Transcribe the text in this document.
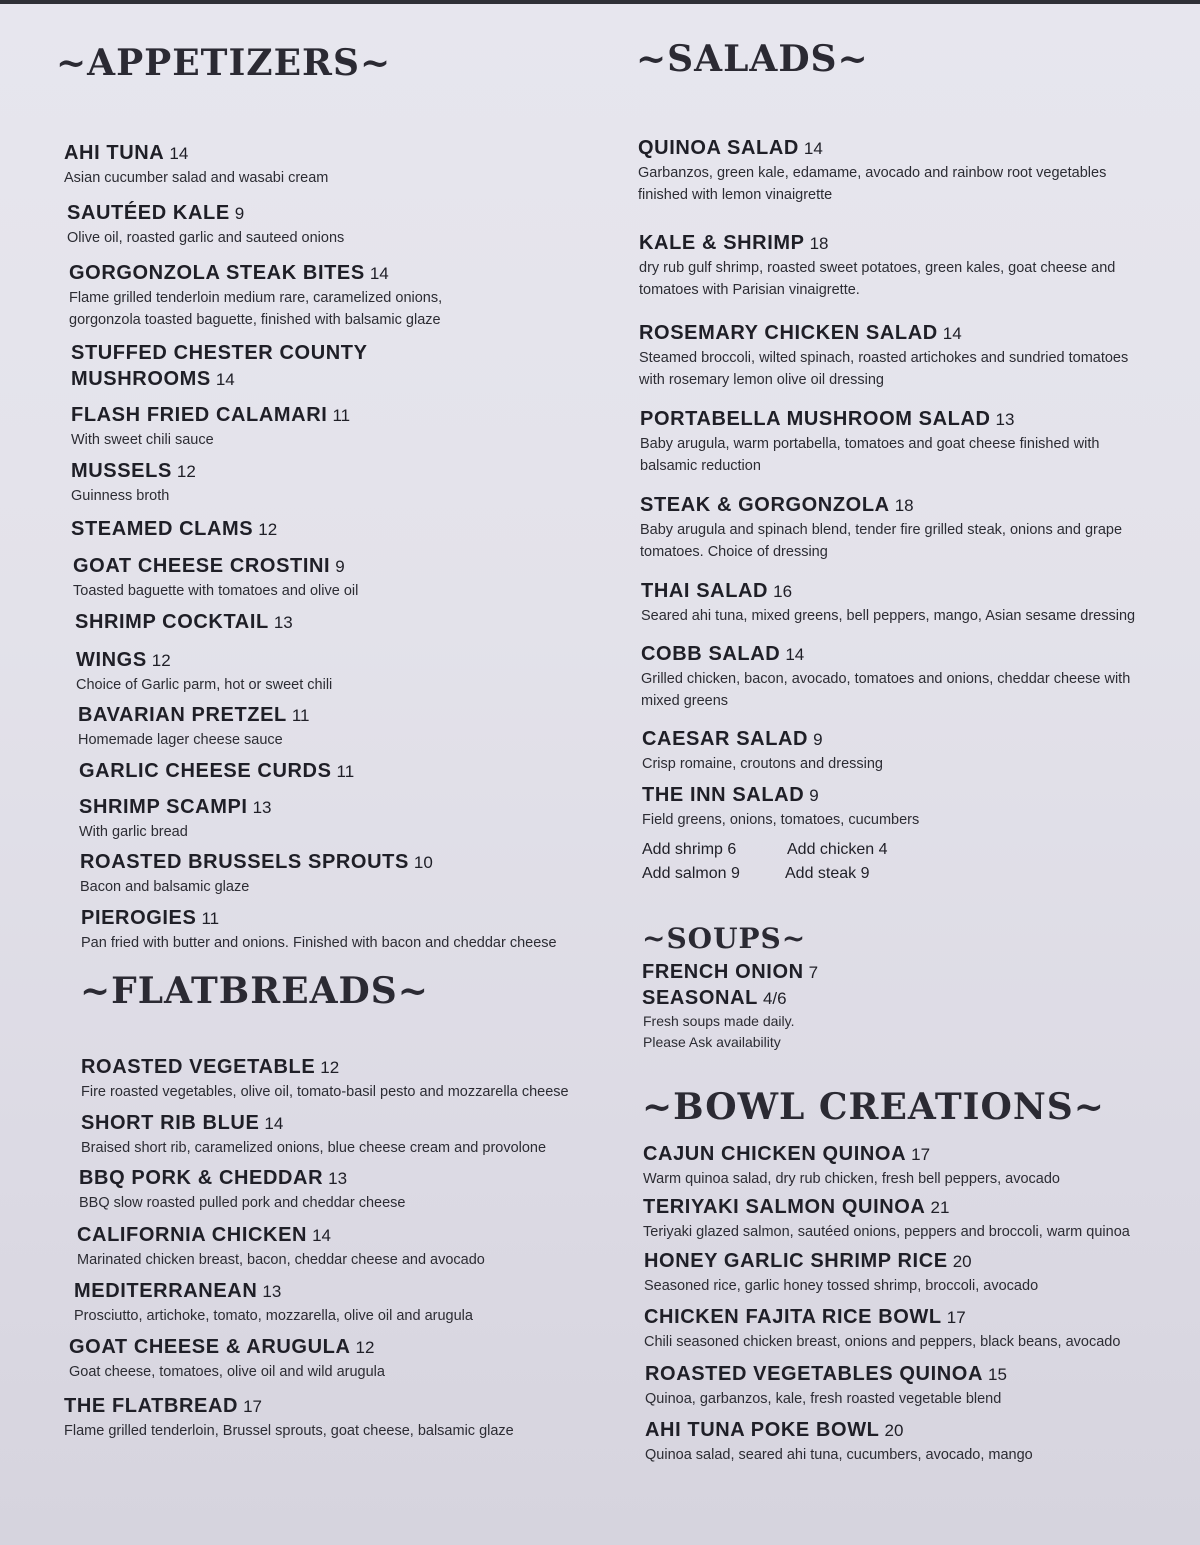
~APPETIZERS~
AHI TUNA 14
Asian cucumber salad and wasabi cream
SAUTÉED KALE 9
Olive oil, roasted garlic and sauteed onions
GORGONZOLA STEAK BITES 14
Flame grilled tenderloin medium rare, caramelized onions,
gorgonzola toasted baguette, finished with balsamic glaze
STUFFED CHESTER COUNTY
MUSHROOMS 14
FLASH FRIED CALAMARI 11
With sweet chili sauce
MUSSELS 12
Guinness broth
STEAMED CLAMS 12
GOAT CHEESE CROSTINI 9
Toasted baguette with tomatoes and olive oil
SHRIMP COCKTAIL 13
WINGS 12
Choice of Garlic parm, hot or sweet chili
BAVARIAN PRETZEL 11
Homemade lager cheese sauce
GARLIC CHEESE CURDS 11
SHRIMP SCAMPI 13
With garlic bread
ROASTED BRUSSELS SPROUTS 10
Bacon and balsamic glaze
PIEROGIES 11
Pan fried with butter and onions. Finished with bacon and cheddar cheese
~FLATBREADS~
ROASTED VEGETABLE 12
Fire roasted vegetables, olive oil, tomato-basil pesto and mozzarella cheese
SHORT RIB BLUE 14
Braised short rib, caramelized onions, blue cheese cream and provolone
BBQ PORK & CHEDDAR 13
BBQ slow roasted pulled pork and cheddar cheese
CALIFORNIA CHICKEN 14
Marinated chicken breast, bacon, cheddar cheese and avocado
MEDITERRANEAN 13
Prosciutto, artichoke, tomato, mozzarella, olive oil and arugula
GOAT CHEESE & ARUGULA 12
Goat cheese, tomatoes, olive oil and wild arugula
THE FLATBREAD 17
Flame grilled tenderloin, Brussel sprouts, goat cheese, balsamic glaze
~SALADS~
QUINOA SALAD 14
Garbanzos, green kale, edamame, avocado and rainbow root vegetables
finished with lemon vinaigrette
KALE & SHRIMP 18
dry rub gulf shrimp, roasted sweet potatoes, green kales, goat cheese and
tomatoes with Parisian vinaigrette.
ROSEMARY CHICKEN SALAD 14
Steamed broccoli, wilted spinach, roasted artichokes and sundried tomatoes
with rosemary lemon olive oil dressing
PORTABELLA MUSHROOM SALAD 13
Baby arugula, warm portabella, tomatoes and goat cheese finished with
balsamic reduction
STEAK & GORGONZOLA 18
Baby arugula and spinach blend, tender fire grilled steak, onions and grape
tomatoes. Choice of dressing
THAI SALAD 16
Seared ahi tuna, mixed greens, bell peppers, mango, Asian sesame dressing
COBB SALAD 14
Grilled chicken, bacon, avocado, tomatoes and onions, cheddar cheese with
mixed greens
CAESAR SALAD 9
Crisp romaine, croutons and dressing
THE INN SALAD 9
Field greens, onions, tomatoes, cucumbers
Add shrimp 6	Add chicken 4
Add salmon 9	Add steak 9
~SOUPS~
FRENCH ONION 7
SEASONAL 4/6
Fresh soups made daily.
Please Ask availability
~BOWL CREATIONS~
CAJUN CHICKEN QUINOA 17
Warm quinoa salad, dry rub chicken, fresh bell peppers, avocado
TERIYAKI SALMON QUINOA 21
Teriyaki glazed salmon, sautéed onions, peppers and broccoli, warm quinoa
HONEY GARLIC SHRIMP RICE 20
Seasoned rice, garlic honey tossed shrimp, broccoli, avocado
CHICKEN FAJITA RICE BOWL 17
Chili seasoned chicken breast, onions and peppers, black beans, avocado
ROASTED VEGETABLES QUINOA 15
Quinoa, garbanzos, kale, fresh roasted vegetable blend
AHI TUNA POKE BOWL 20
Quinoa salad, seared ahi tuna, cucumbers, avocado, mango
